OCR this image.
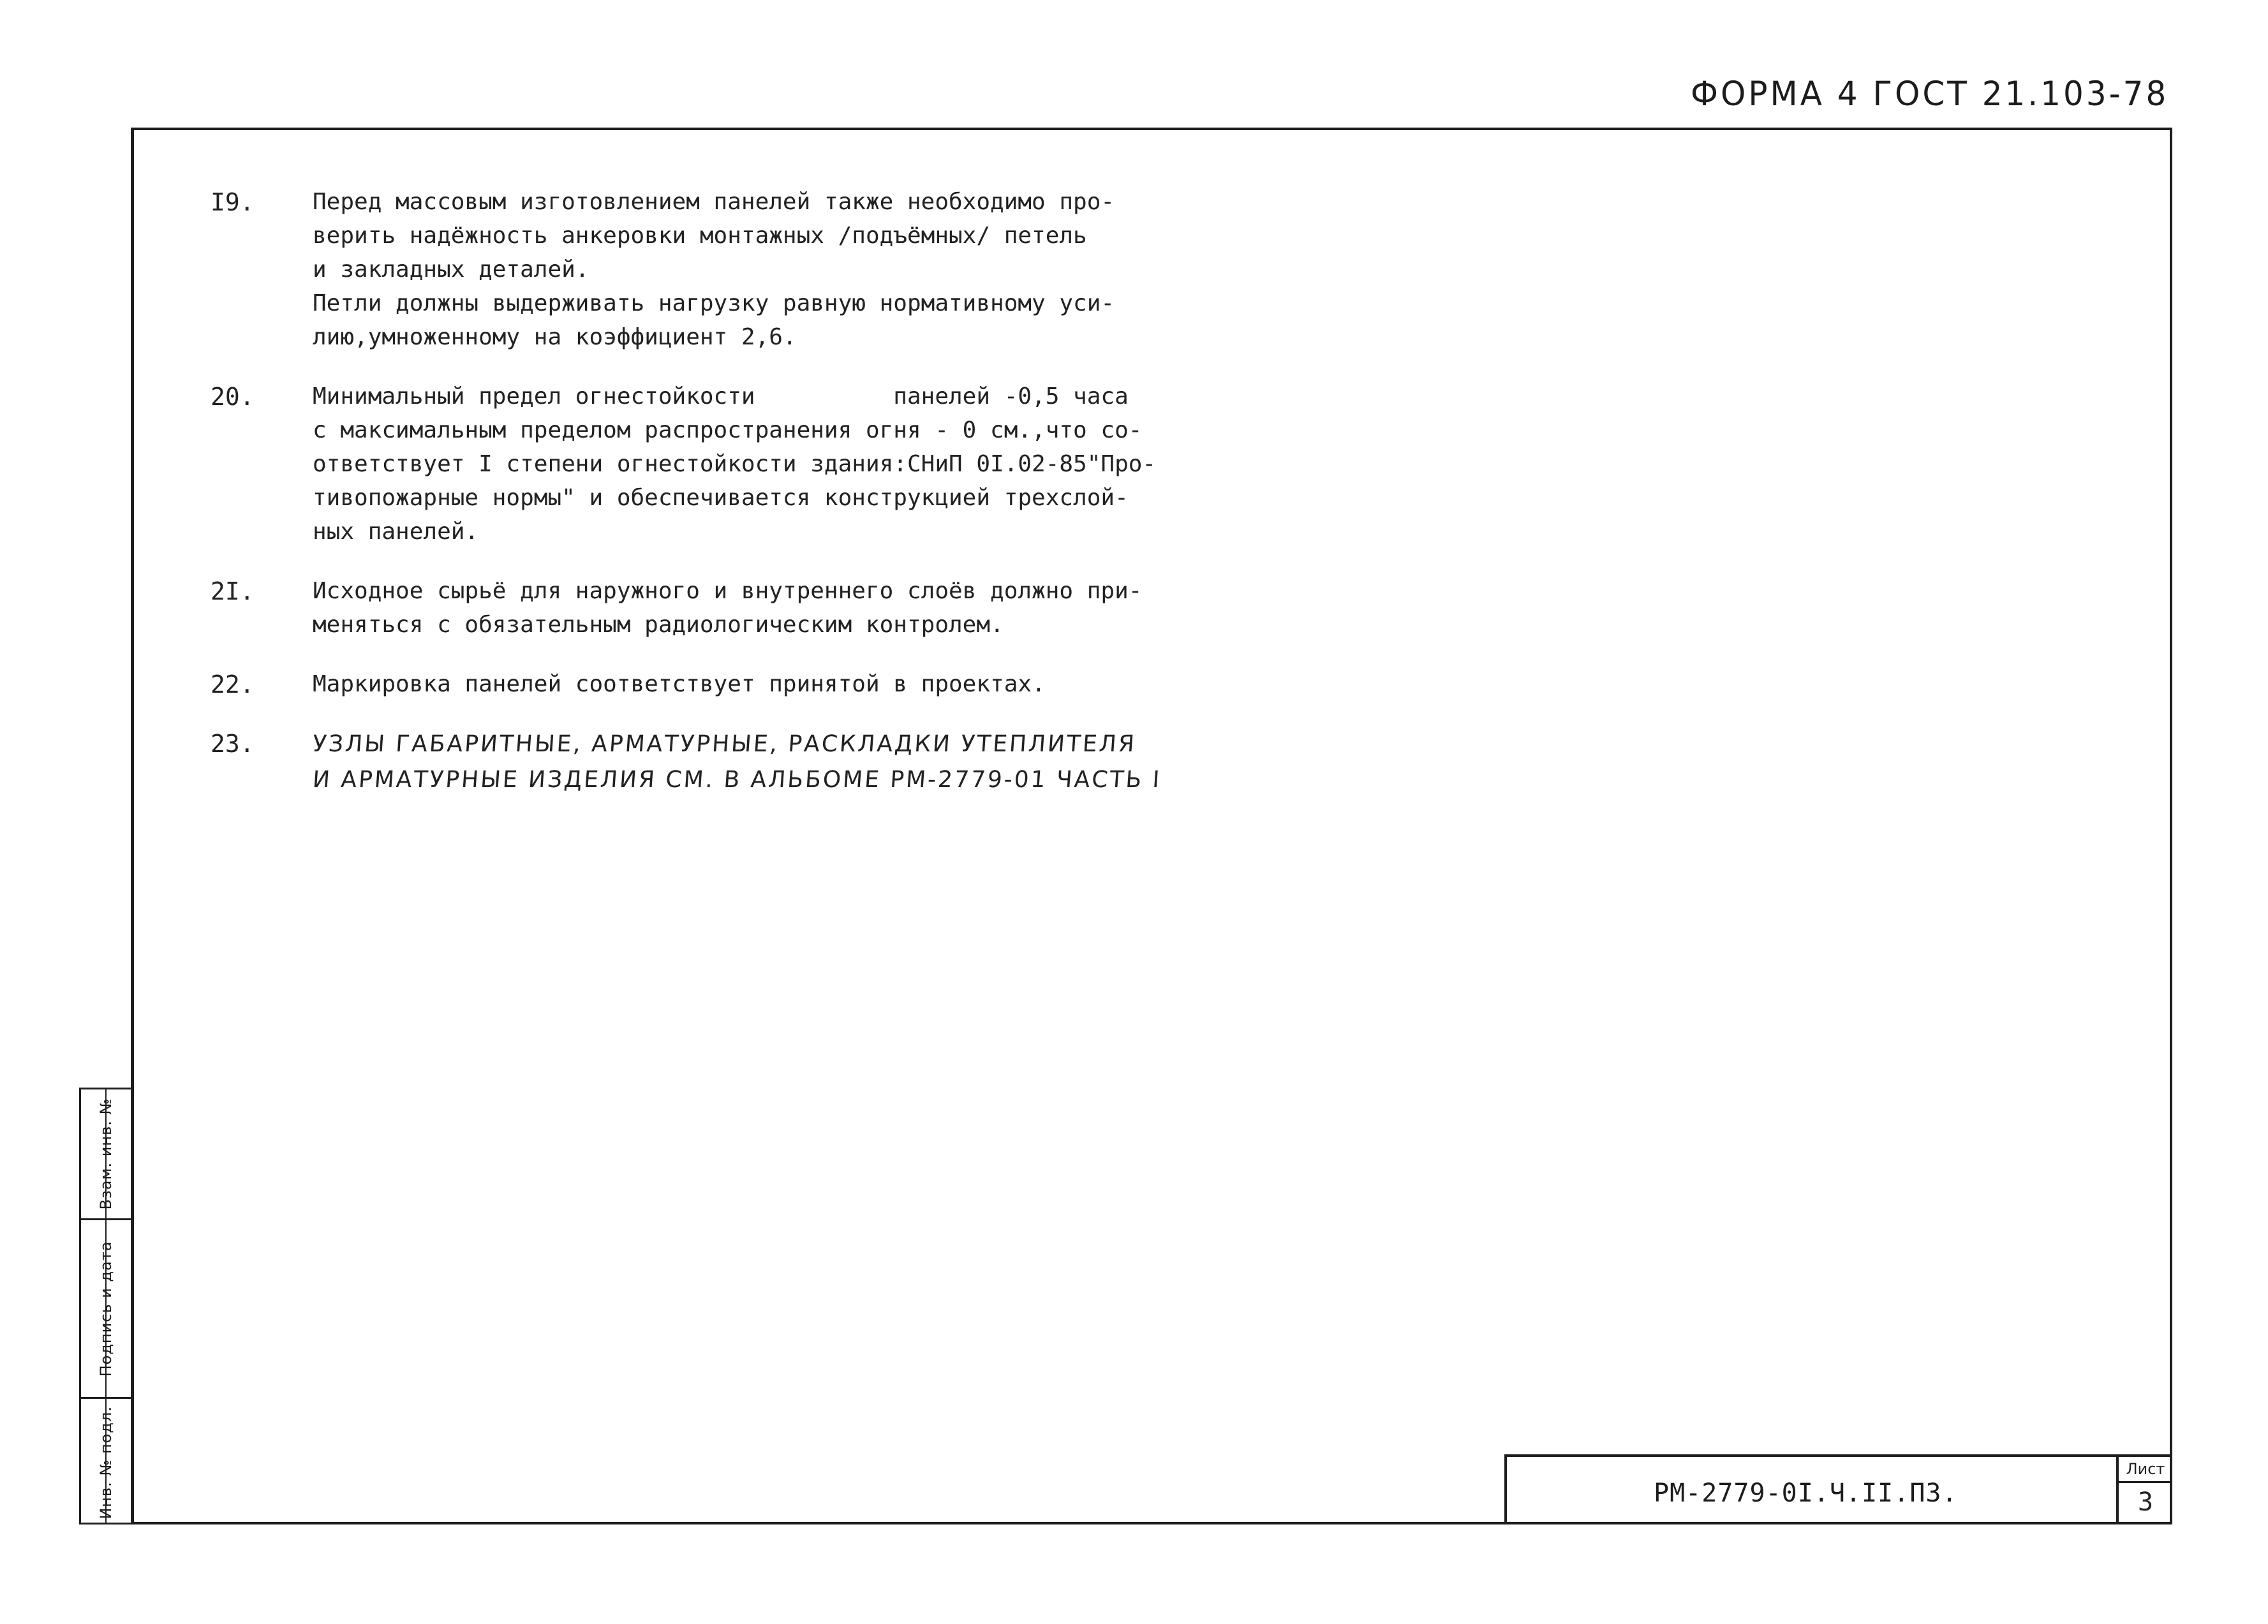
ФОРМА 4 ГОСТ 21.103-78
Взам. инв. №
Подпись и дата
Инв. № подл.
I9.	Перед массовым изготовлением панелей также необходимо про-
верить надёжность анкеровки монтажных /подъёмных/ петель
и закладных деталей.
Петли должны выдерживать нагрузку равную нормативному уси-
лию,умноженному на коэффициент 2,6.
20.	Минимальный предел огнестойкости          панелей -0,5 часа
с максимальным пределом распространения огня - 0 см.,что со-
ответствует I степени огнестойкости здания:СНиП 0I.02-85"Про-
тивопожарные нормы" и обеспечивается конструкцией трехслой-
ных панелей.
2I.	Исходное сырьё для наружного и внутреннего слоёв должно при-
меняться с обязательным радиологическим контролем.
22.	Маркировка панелей соответствует принятой в проектах.
23. УЗЛЫ ГАБАРИТНЫЕ, АРМАТУРНЫЕ, РАСКЛАДКИ УТЕПЛИТЕЛЯ
И АРМАТУРНЫЕ ИЗДЕЛИЯ СМ. В АЛЬБОМЕ РМ-2779-01 ЧАСТЬ I
РМ-2779-0I.Ч.II.ПЗ.
Лист
3
